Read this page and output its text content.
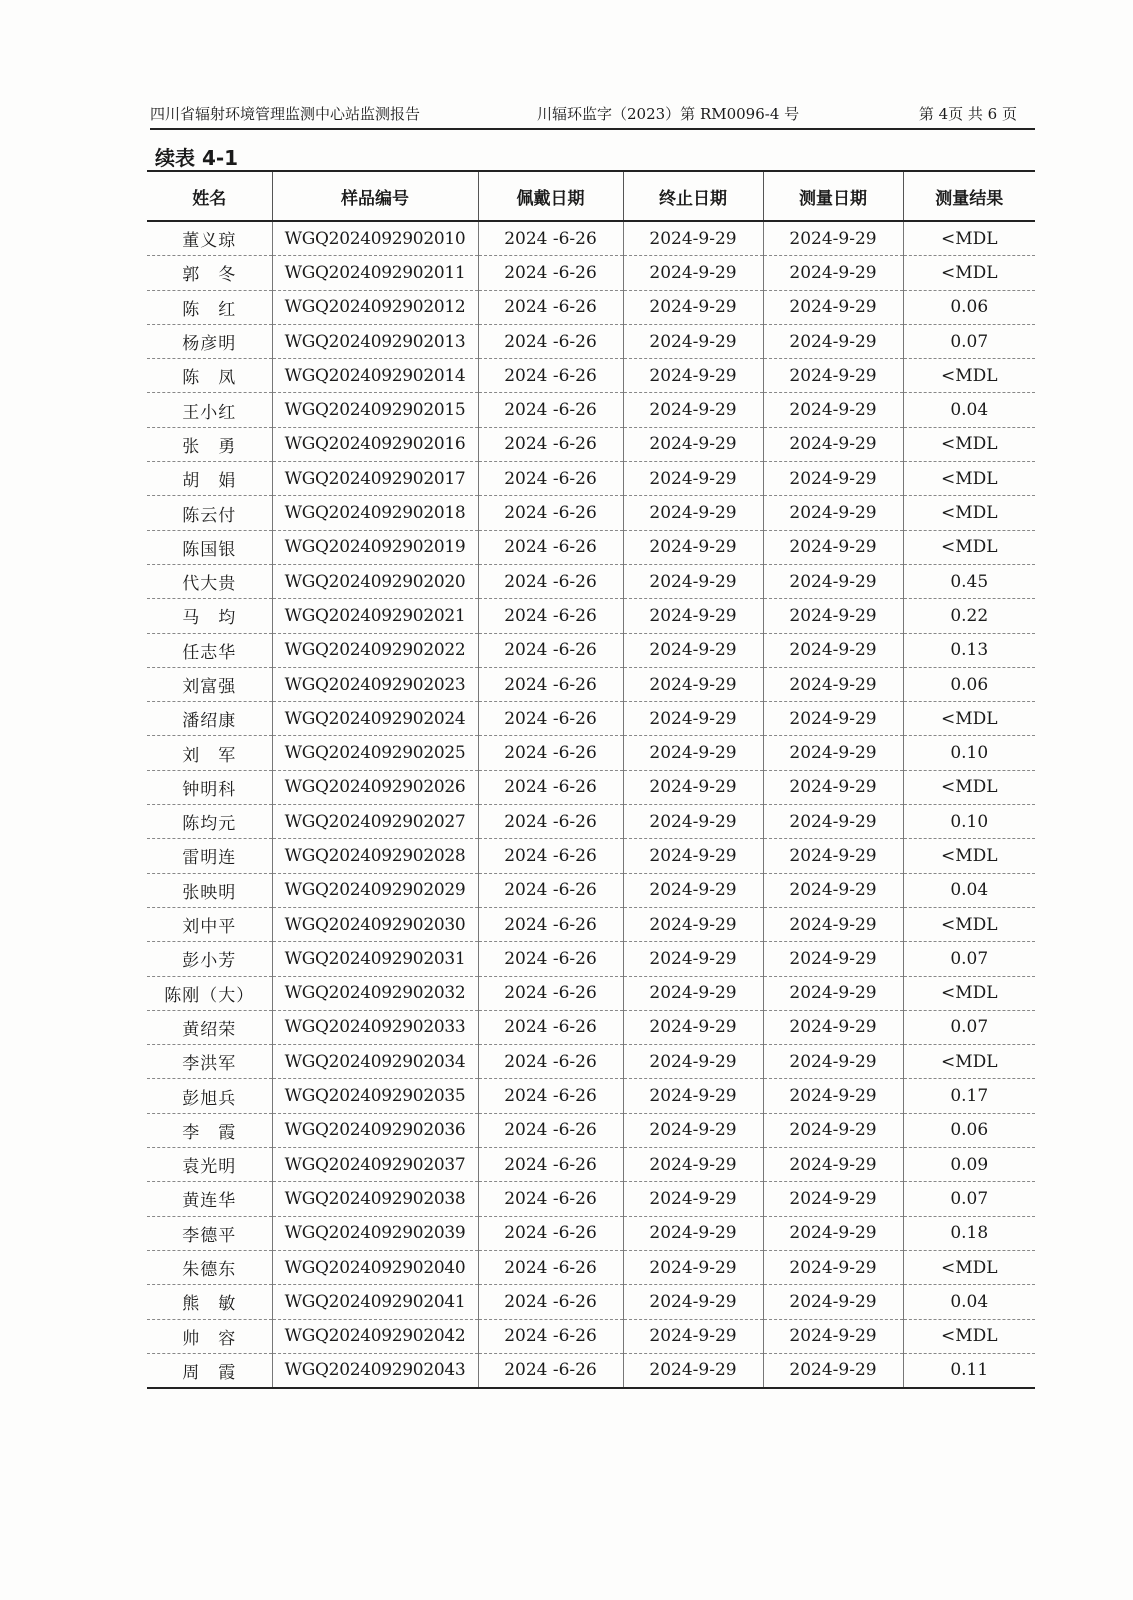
四川省辐射环境管理监测中心站监测报告	川辐环监字（2023）第 RM0096-4 号	第 4页 共 6 页
续表 4-1
姓名	样品编号	佩戴日期	终止日期	测量日期	测量结果
董义琼	WGQ2024092902010	2024 -6-26	2024-9-29	2024-9-29	<MDL
郭　冬	WGQ2024092902011	2024 -6-26	2024-9-29	2024-9-29	<MDL
陈　红	WGQ2024092902012	2024 -6-26	2024-9-29	2024-9-29	0.06
杨彦明	WGQ2024092902013	2024 -6-26	2024-9-29	2024-9-29	0.07
陈　凤	WGQ2024092902014	2024 -6-26	2024-9-29	2024-9-29	<MDL
王小红	WGQ2024092902015	2024 -6-26	2024-9-29	2024-9-29	0.04
张　勇	WGQ2024092902016	2024 -6-26	2024-9-29	2024-9-29	<MDL
胡　娟	WGQ2024092902017	2024 -6-26	2024-9-29	2024-9-29	<MDL
陈云付	WGQ2024092902018	2024 -6-26	2024-9-29	2024-9-29	<MDL
陈国银	WGQ2024092902019	2024 -6-26	2024-9-29	2024-9-29	<MDL
代大贵	WGQ2024092902020	2024 -6-26	2024-9-29	2024-9-29	0.45
马　均	WGQ2024092902021	2024 -6-26	2024-9-29	2024-9-29	0.22
任志华	WGQ2024092902022	2024 -6-26	2024-9-29	2024-9-29	0.13
刘富强	WGQ2024092902023	2024 -6-26	2024-9-29	2024-9-29	0.06
潘绍康	WGQ2024092902024	2024 -6-26	2024-9-29	2024-9-29	<MDL
刘　军	WGQ2024092902025	2024 -6-26	2024-9-29	2024-9-29	0.10
钟明科	WGQ2024092902026	2024 -6-26	2024-9-29	2024-9-29	<MDL
陈均元	WGQ2024092902027	2024 -6-26	2024-9-29	2024-9-29	0.10
雷明连	WGQ2024092902028	2024 -6-26	2024-9-29	2024-9-29	<MDL
张映明	WGQ2024092902029	2024 -6-26	2024-9-29	2024-9-29	0.04
刘中平	WGQ2024092902030	2024 -6-26	2024-9-29	2024-9-29	<MDL
彭小芳	WGQ2024092902031	2024 -6-26	2024-9-29	2024-9-29	0.07
陈刚（大）	WGQ2024092902032	2024 -6-26	2024-9-29	2024-9-29	<MDL
黄绍荣	WGQ2024092902033	2024 -6-26	2024-9-29	2024-9-29	0.07
李洪军	WGQ2024092902034	2024 -6-26	2024-9-29	2024-9-29	<MDL
彭旭兵	WGQ2024092902035	2024 -6-26	2024-9-29	2024-9-29	0.17
李　霞	WGQ2024092902036	2024 -6-26	2024-9-29	2024-9-29	0.06
袁光明	WGQ2024092902037	2024 -6-26	2024-9-29	2024-9-29	0.09
黄连华	WGQ2024092902038	2024 -6-26	2024-9-29	2024-9-29	0.07
李德平	WGQ2024092902039	2024 -6-26	2024-9-29	2024-9-29	0.18
朱德东	WGQ2024092902040	2024 -6-26	2024-9-29	2024-9-29	<MDL
熊　敏	WGQ2024092902041	2024 -6-26	2024-9-29	2024-9-29	0.04
帅　容	WGQ2024092902042	2024 -6-26	2024-9-29	2024-9-29	<MDL
周　霞	WGQ2024092902043	2024 -6-26	2024-9-29	2024-9-29	0.11
